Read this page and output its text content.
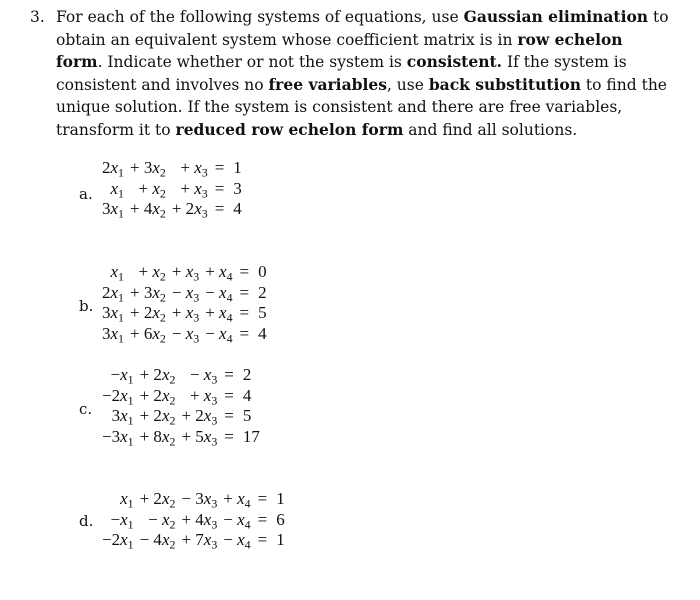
3. For each of the following systems of equations, use Gaussian elimination to obtain an equivalent system whose coefficient matrix is in row echelon form. Indicate whether or not the system is consistent. If the system is consistent and involves no free variables, use back substitution to find the unique solution. If the system is consistent and there are free variables, transform it to reduced row echelon form and find all solutions.
a.
$2x_1$	+ $3x_2$	+ $x_3$	=	1
$x_1$	+ $x_2$	+ $x_3$	=	3
$3x_1$	+ $4x_2$	+ $2x_3$	=	4
b.
$x_1$	+ $x_2$	+ $x_3$	+ $x_4$	=	0
$2x_1$	+ $3x_2$	− $x_3$	− $x_4$	=	2
$3x_1$	+ $2x_2$	+ $x_3$	+ $x_4$	=	5
$3x_1$	+ $6x_2$	− $x_3$	− $x_4$	=	4
c.
$-x_1$	+ $2x_2$	− $x_3$	=	2
$-2x_1$	+ $2x_2$	+ $x_3$	=	4
$3x_1$	+ $2x_2$	+ $2x_3$	=	5
$-3x_1$	+ $8x_2$	+ $5x_3$	=	17
d.
$x_1$	+ $2x_2$	− $3x_3$	+ $x_4$	=	1
$-x_1$	− $x_2$	+ $4x_3$	− $x_4$	=	6
$-2x_1$	− $4x_2$	+ $7x_3$	− $x_4$	=	1
